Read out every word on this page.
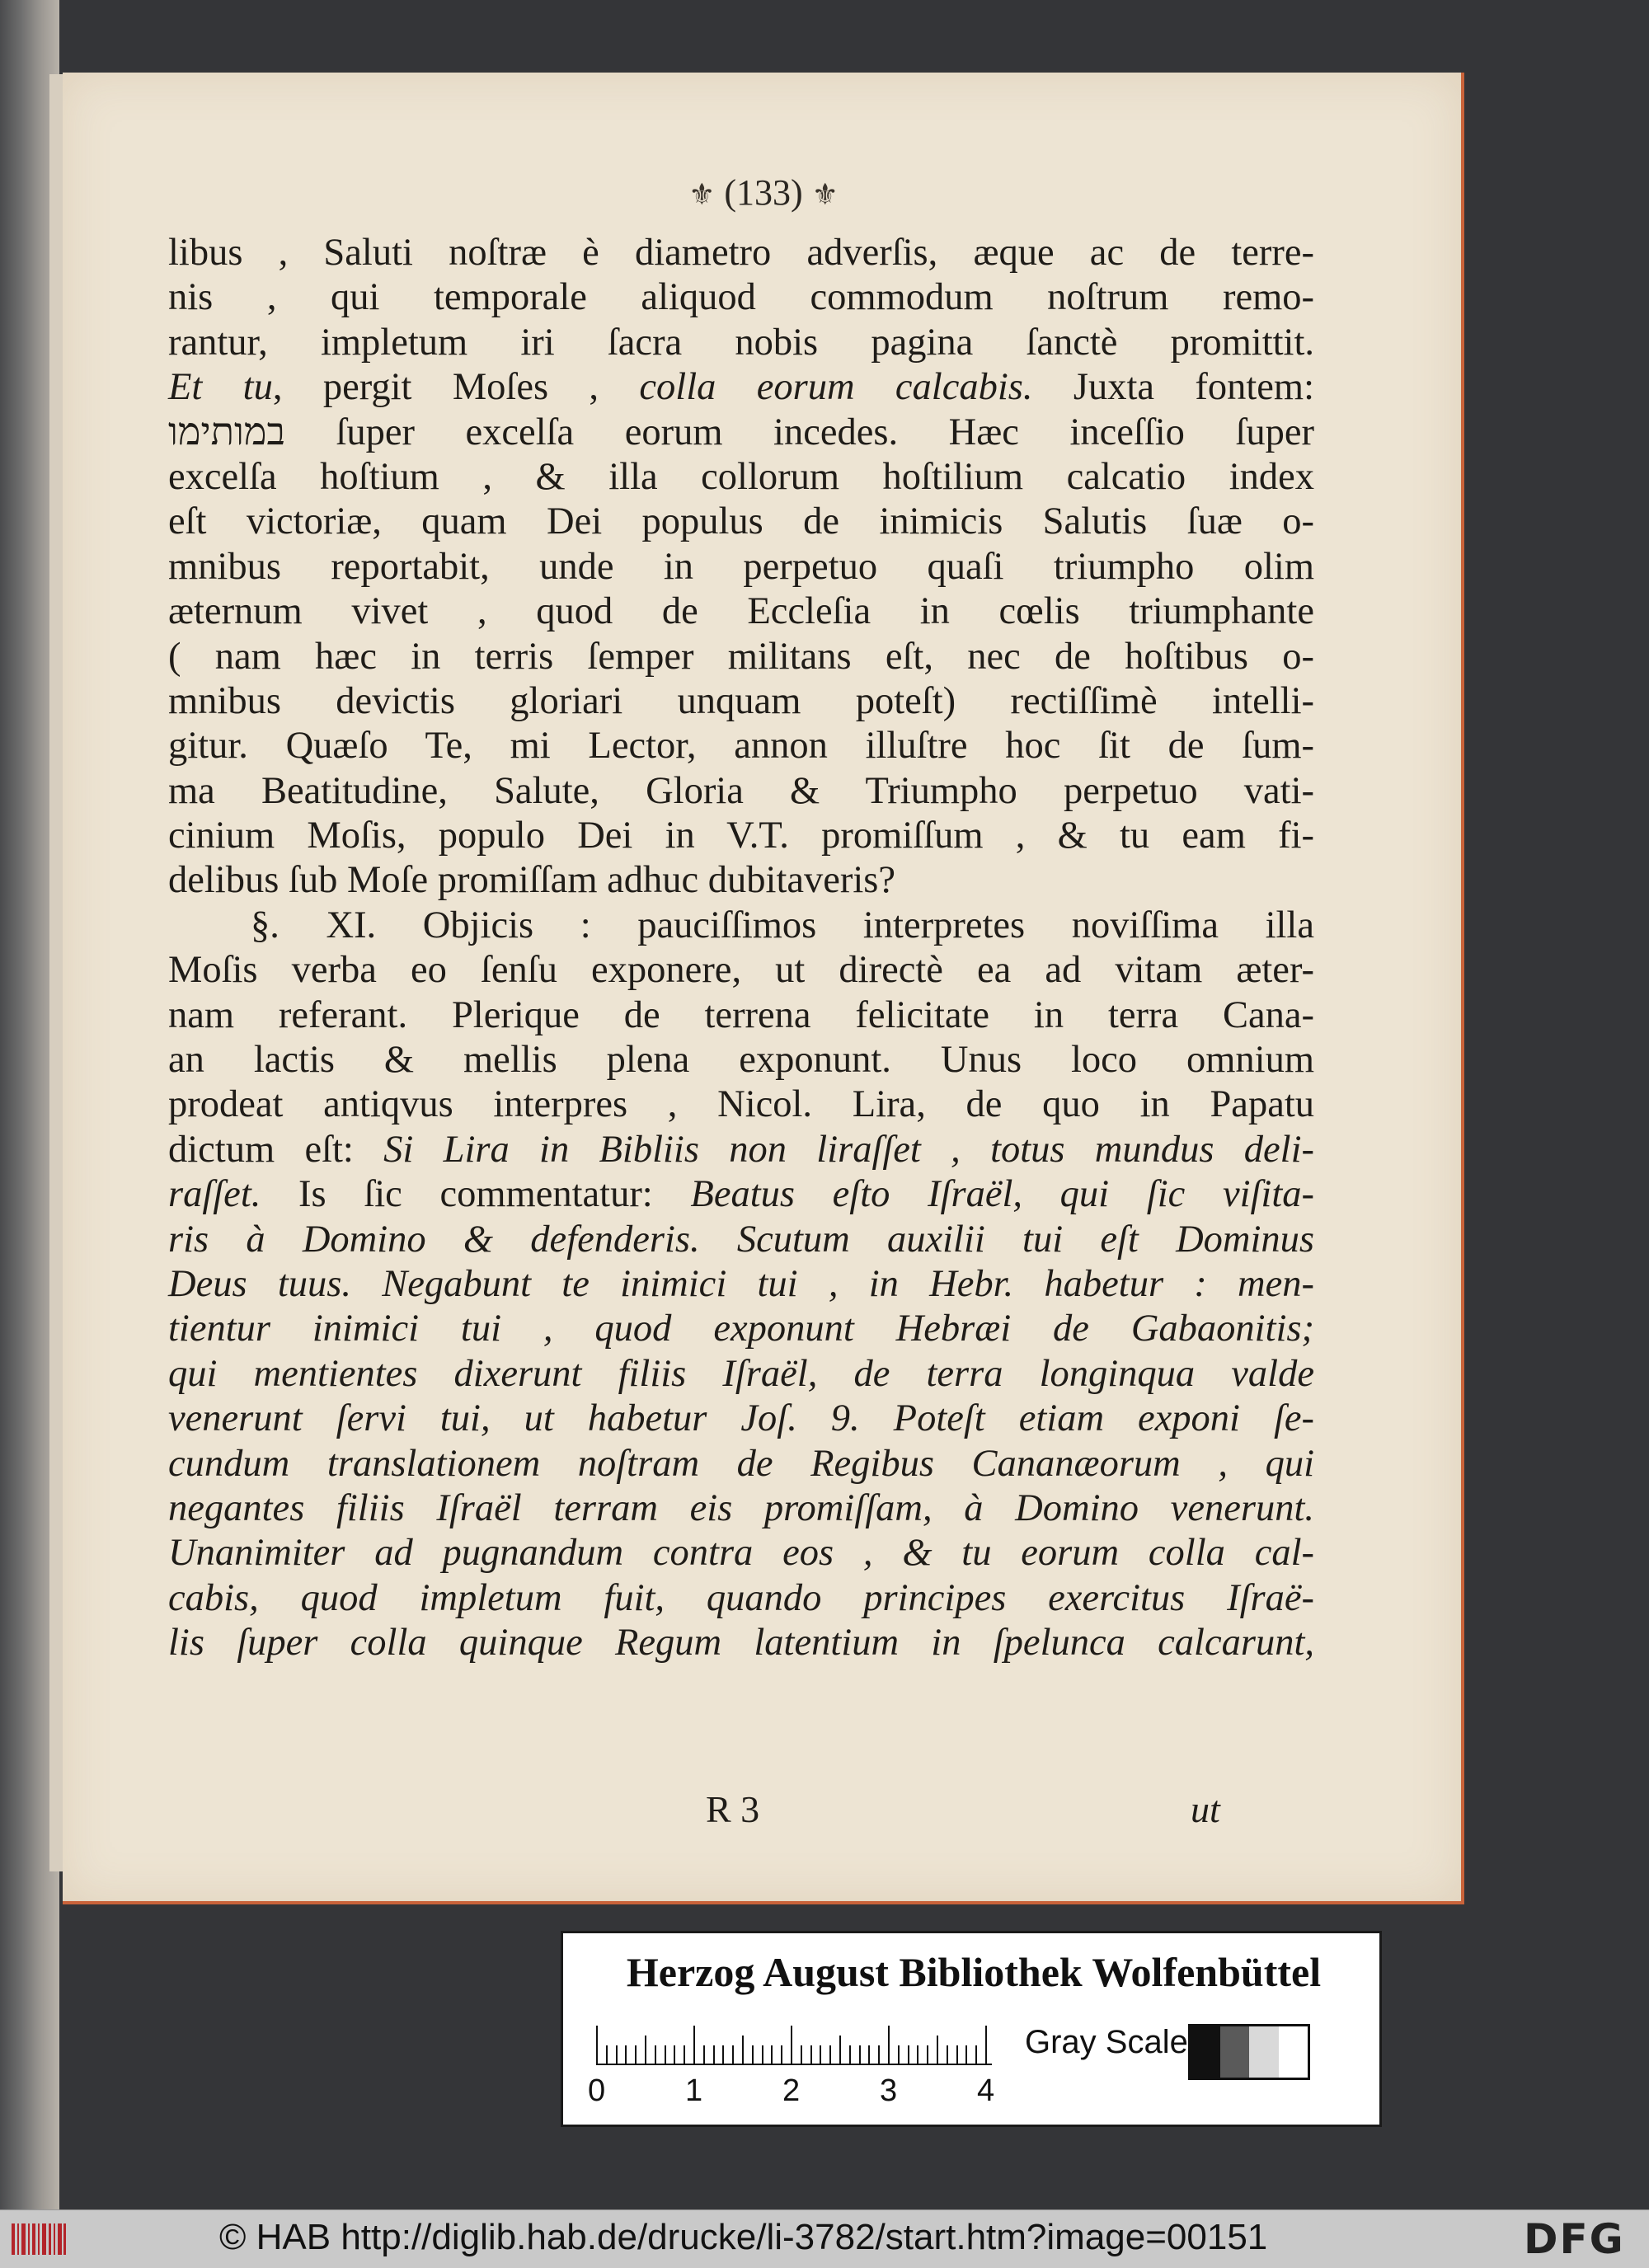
⚜ (133) ⚜
libus , Saluti noſtræ è diametro adverſis, æque ac de terre-
nis , qui temporale aliquod commodum noſtrum remo-
rantur, impletum iri ſacra nobis pagina ſanctè promittit.
Et tu, pergit Moſes , colla eorum calcabis. Juxta fontem:
במותימו ſuper excelſa eorum incedes. Hæc inceſſio ſuper
excelſa hoſtium , & illa collorum hoſtilium calcatio index
eſt victoriæ, quam Dei populus de inimicis Salutis ſuæ o-
mnibus reportabit, unde in perpetuo quaſi triumpho olim
æternum vivet , quod de Eccleſia in cœlis triumphante
( nam hæc in terris ſemper militans eſt, nec de hoſtibus o-
mnibus devictis gloriari unquam poteſt) rectiſſimè intelli-
gitur. Quæſo Te, mi Lector, annon illuſtre hoc ſit de ſum-
ma Beatitudine, Salute, Gloria & Triumpho perpetuo vati-
cinium Moſis, populo Dei in V.T. promiſſum , & tu eam fi-
delibus ſub Moſe promiſſam adhuc dubitaveris?
§. XI. Objicis : pauciſſimos interpretes noviſſima illa
Moſis verba eo ſenſu exponere, ut directè ea ad vitam æter-
nam referant. Plerique de terrena felicitate in terra Cana-
an lactis & mellis plena exponunt. Unus loco omnium
prodeat antiqvus interpres , Nicol. Lira, de quo in Papatu
dictum eſt: Si Lira in Bibliis non liraſſet , totus mundus deli-
raſſet. Is ſic commentatur: Beatus eſto Iſraël, qui ſic viſita-
ris à Domino & defenderis. Scutum auxilii tui eſt Dominus
Deus tuus. Negabunt te inimici tui , in Hebr. habetur : men-
tientur inimici tui , quod exponunt Hebræi de Gabaonitis;
qui mentientes dixerunt filiis Iſraël, de terra longinqua valde
venerunt ſervi tui, ut habetur Joſ. 9. Poteſt etiam exponi ſe-
cundum translationem noſtram de Regibus Cananæorum , qui
negantes filiis Iſraël terram eis promiſſam, à Domino venerunt.
Unanimiter ad pugnandum contra eos , & tu eorum colla cal-
cabis, quod impletum fuit, quando principes exercitus Iſraë-
lis ſuper colla quinque Regum latentium in ſpelunca calcarunt,
R 3	ut
Herzog August Bibliothek Wolfenbüttel
0	1	2	3	4
Gray Scale
© HAB http://diglib.hab.de/drucke/li-3782/start.htm?image=00151	DFG
